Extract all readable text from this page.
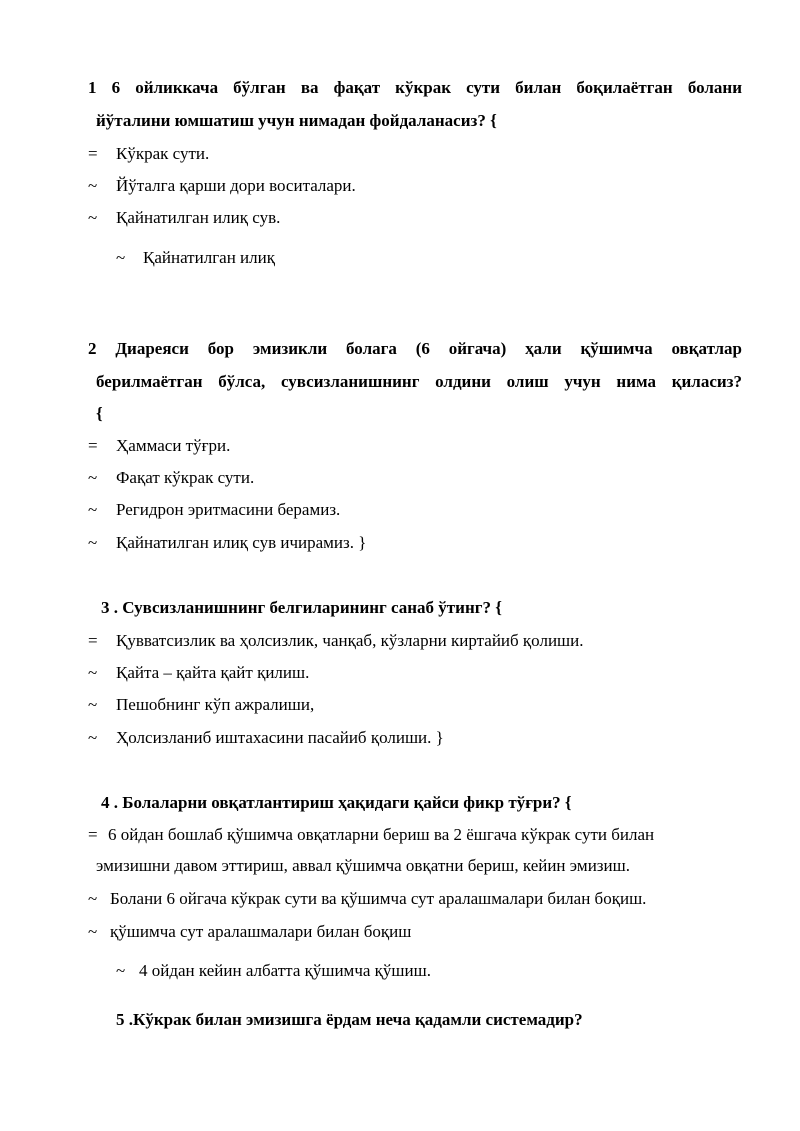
1 6 ойликкача бўлган ва фақат кўкрак сути билан боқилаётган болани
йўталини юмшатиш учун нимадан фойдаланасиз? {
= Кўкрак сути.
~ Йўталга қарши дори воситалари.
~ Қайнатилган илиқ сув.
~ Қайнатилган илиқ
2 Диареяси бор эмизикли болага (6 ойгача) ҳали қўшимча овқатлар
берилмаётган бўлса, сувсизланишнинг олдини олиш учун нима қиласиз?
{
= Ҳаммаси тўғри.
~ Фақат кўкрак сути.
~ Регидрон эритмасини берамиз.
~ Қайнатилган илиқ сув ичирамиз. }
3 . Сувсизланишнинг белгиларининг санаб ўтинг? {
= Қувватсизлик ва ҳолсизлик, чанқаб, кўзларни киртайиб қолиши.
~ Қайта – қайта қайт қилиш.
~ Пешобнинг кўп ажралиши,
~ Ҳолсизланиб иштахасини пасайиб қолиши. }
4 . Болаларни овқатлантириш ҳақидаги қайси фикр тўғри? {
= 6 ойдан бошлаб қўшимча овқатларни бериш ва 2 ёшгача кўкрак сути билан
эмизишни давом эттириш, аввал қўшимча овқатни бериш, кейин эмизиш.
~ Болани 6 ойгача кўкрак сути ва қўшимча сут аралашмалари билан боқиш.
~ қўшимча сут аралашмалари билан боқиш
~ 4 ойдан кейин албатта қўшимча қўшиш.
5 .Кўкрак билан эмизишга ёрдам неча қадамли системадир?
